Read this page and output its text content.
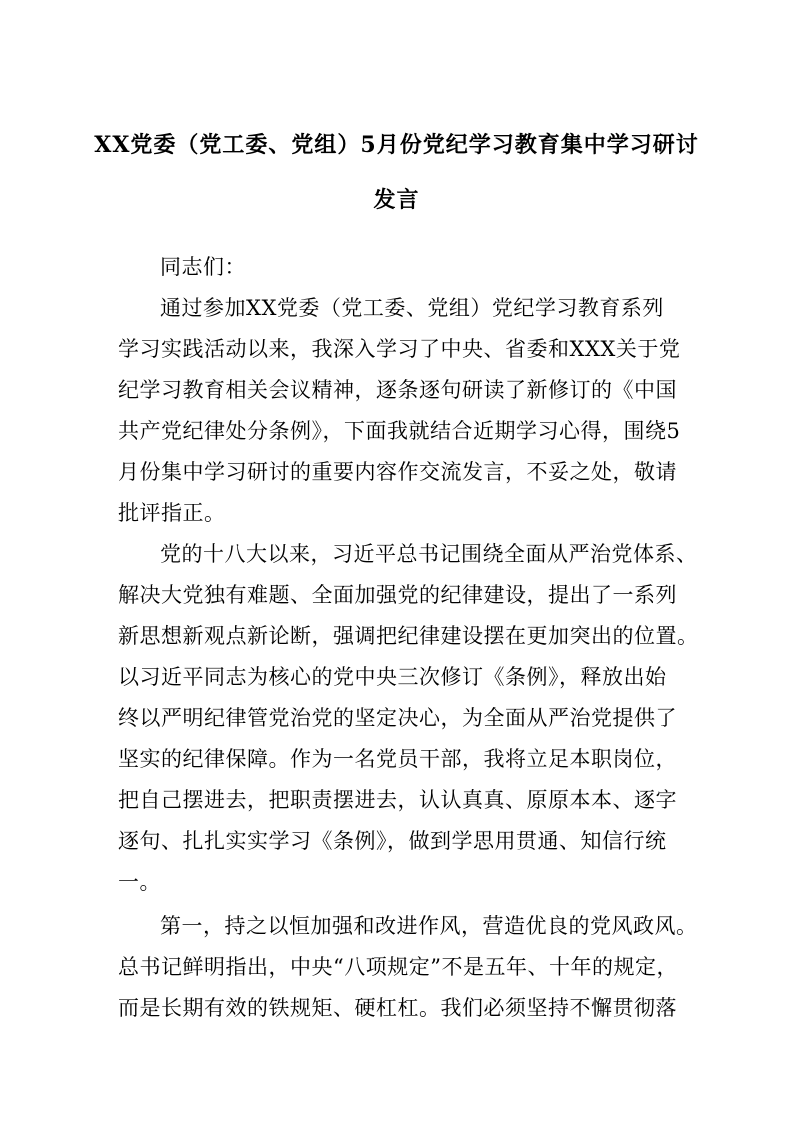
XX党委（党工委、党组）5月份党纪学习教育集中学习研讨
发言
同志们：
通过参加XX党委（党工委、党组）党纪学习教育系列
学习实践活动以来，我深入学习了中央、省委和XXX关于党
纪学习教育相关会议精神，逐条逐句研读了新修订的《中国
共产党纪律处分条例》，下面我就结合近期学习心得，围绕5
月份集中学习研讨的重要内容作交流发言，不妥之处，敬请
批评指正。
党的十八大以来，习近平总书记围绕全面从严治党体系、
解决大党独有难题、全面加强党的纪律建设，提出了一系列
新思想新观点新论断，强调把纪律建设摆在更加突出的位置。
以习近平同志为核心的党中央三次修订《条例》，释放出始
终以严明纪律管党治党的坚定决心，为全面从严治党提供了
坚实的纪律保障。作为一名党员干部，我将立足本职岗位，
把自己摆进去，把职责摆进去，认认真真、原原本本、逐字
逐句、扎扎实实学习《条例》，做到学思用贯通、知信行统
一。
第一，持之以恒加强和改进作风，营造优良的党风政风。
总书记鲜明指出，中央“八项规定”不是五年、十年的规定，
而是长期有效的铁规矩、硬杠杠。我们必须坚持不懈贯彻落
